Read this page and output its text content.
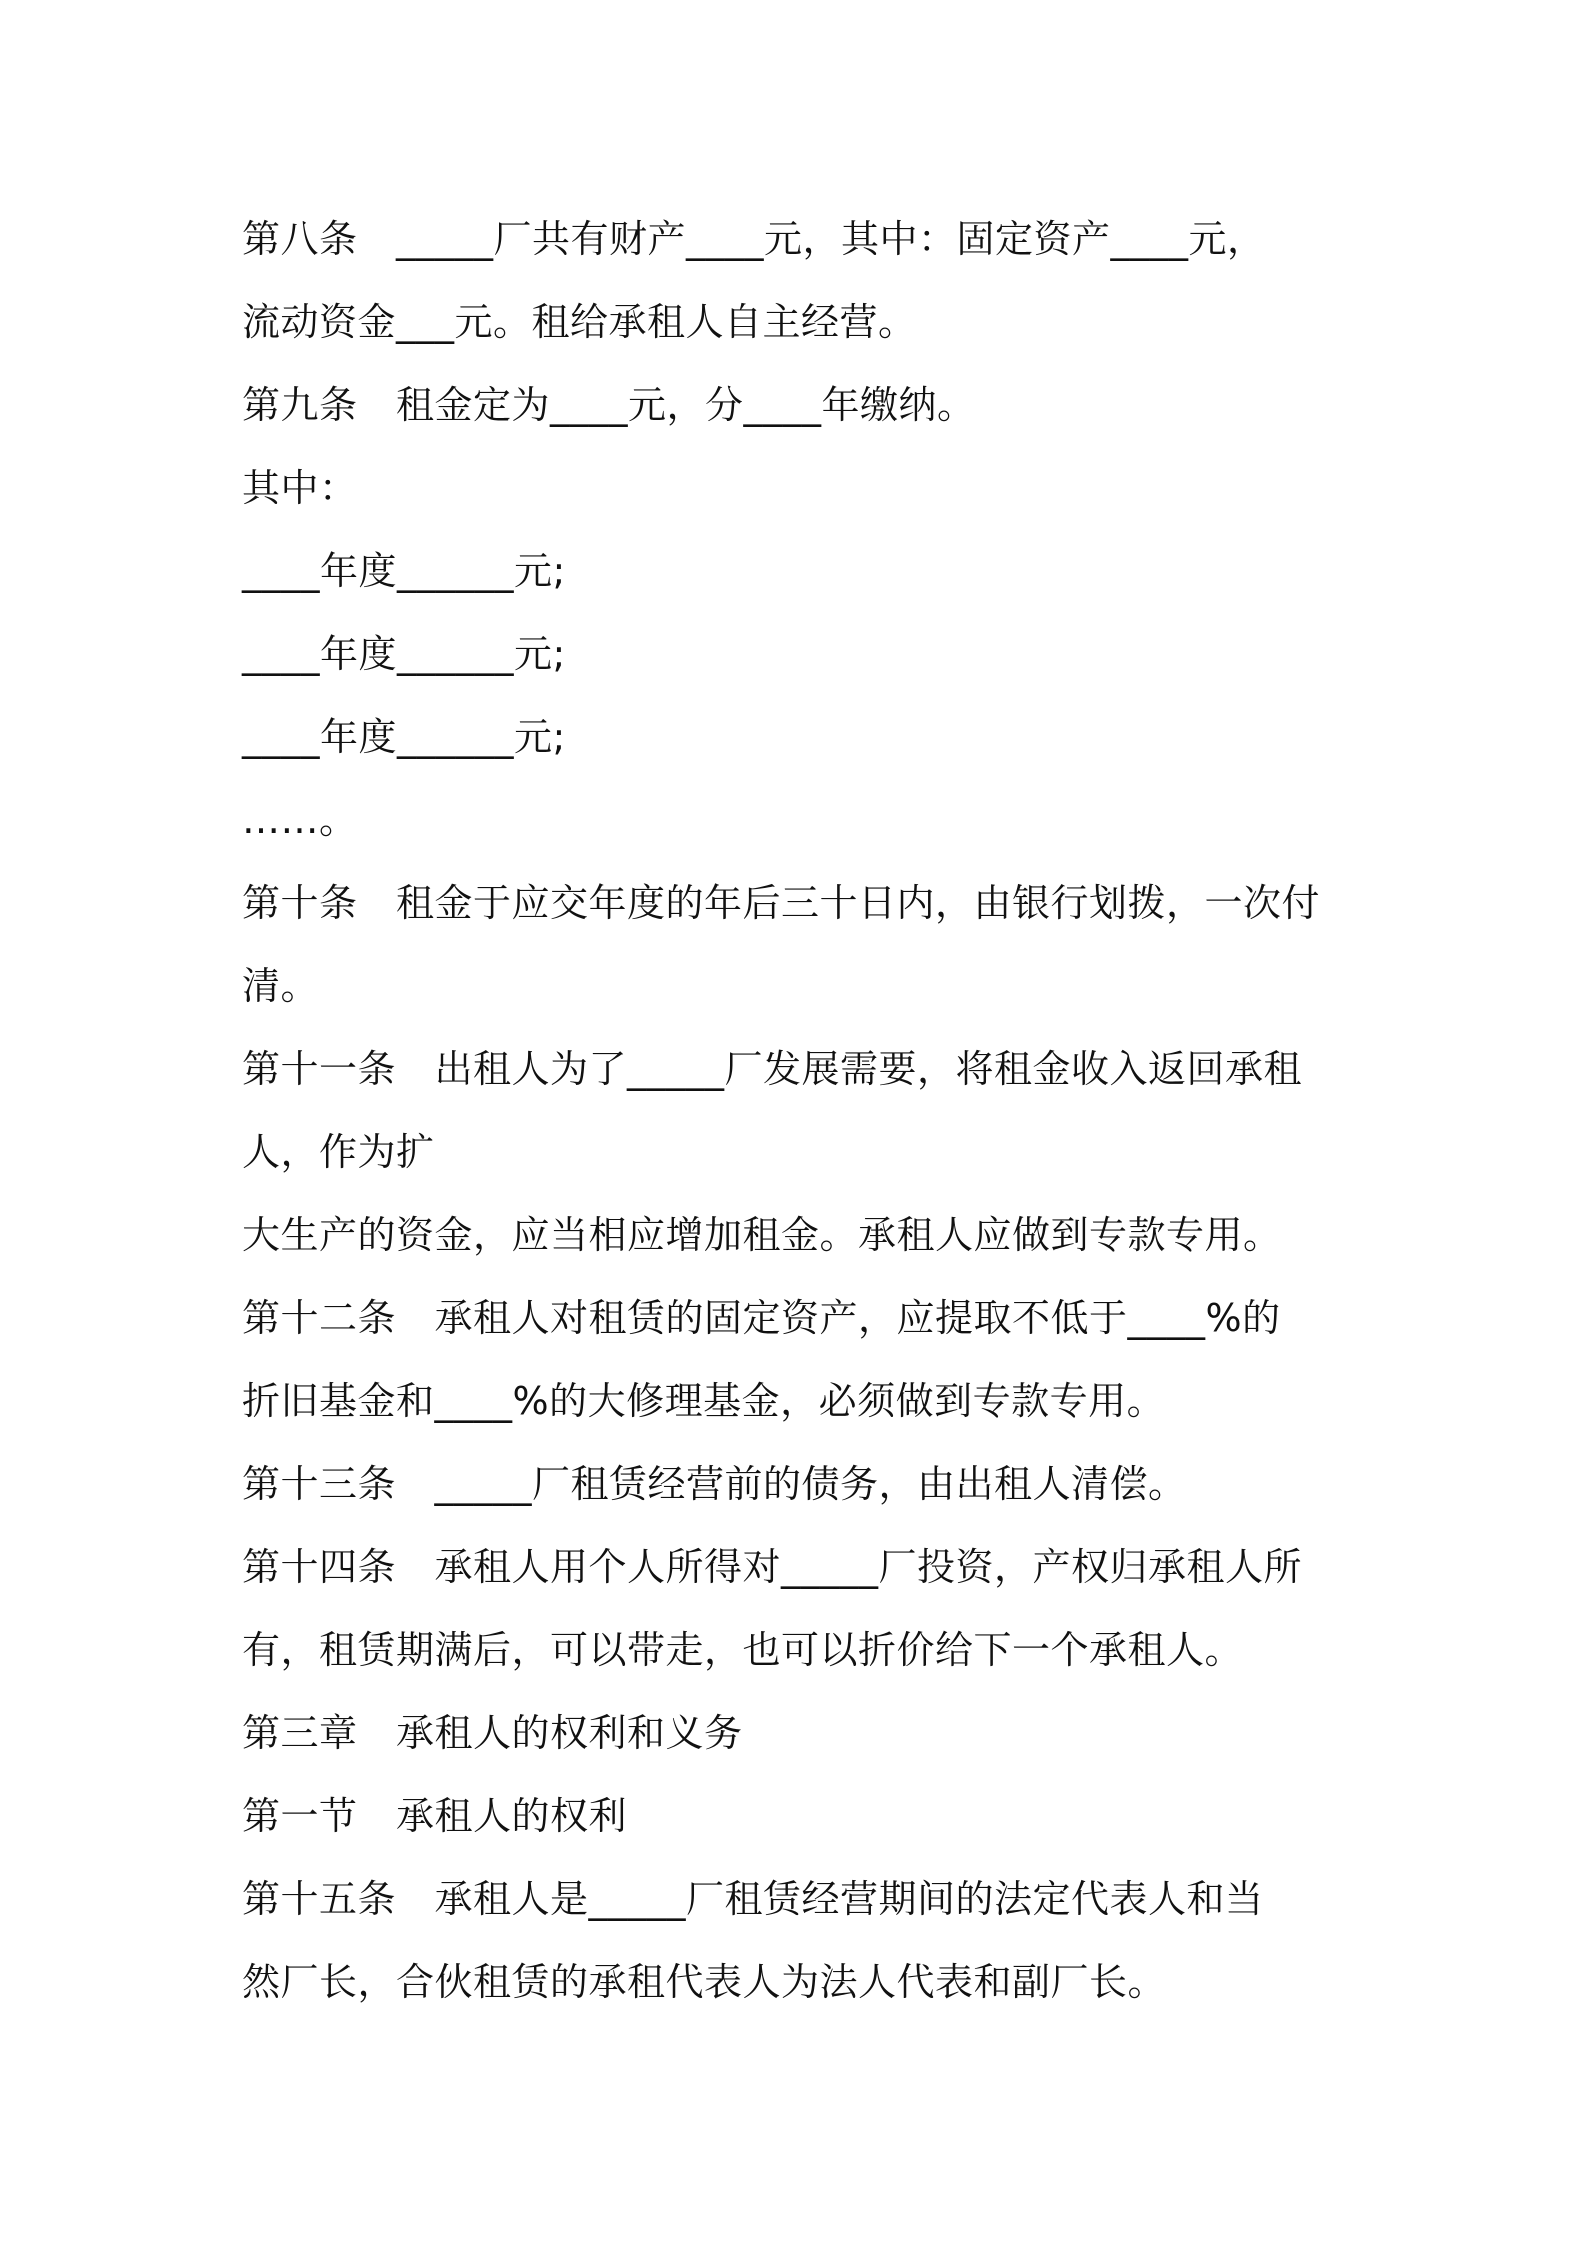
第八条　_____厂共有财产____元，其中：固定资产____元，
流动资金___元。租给承租人自主经营。
第九条　租金定为____元，分____年缴纳。
其中：
____年度______元;
____年度______元;
____年度______元;
……。
第十条　租金于应交年度的年后三十日内，由银行划拨，一次付
清。
第十一条　出租人为了_____厂发展需要，将租金收入返回承租
人，作为扩
大生产的资金，应当相应增加租金。承租人应做到专款专用。
第十二条　承租人对租赁的固定资产，应提取不低于____%的
折旧基金和____%的大修理基金，必须做到专款专用。
第十三条　_____厂租赁经营前的债务，由出租人清偿。
第十四条　承租人用个人所得对_____厂投资，产权归承租人所
有，租赁期满后，可以带走，也可以折价给下一个承租人。
第三章　承租人的权利和义务
第一节　承租人的权利
第十五条　承租人是_____厂租赁经营期间的法定代表人和当
然厂长，合伙租赁的承租代表人为法人代表和副厂长。
